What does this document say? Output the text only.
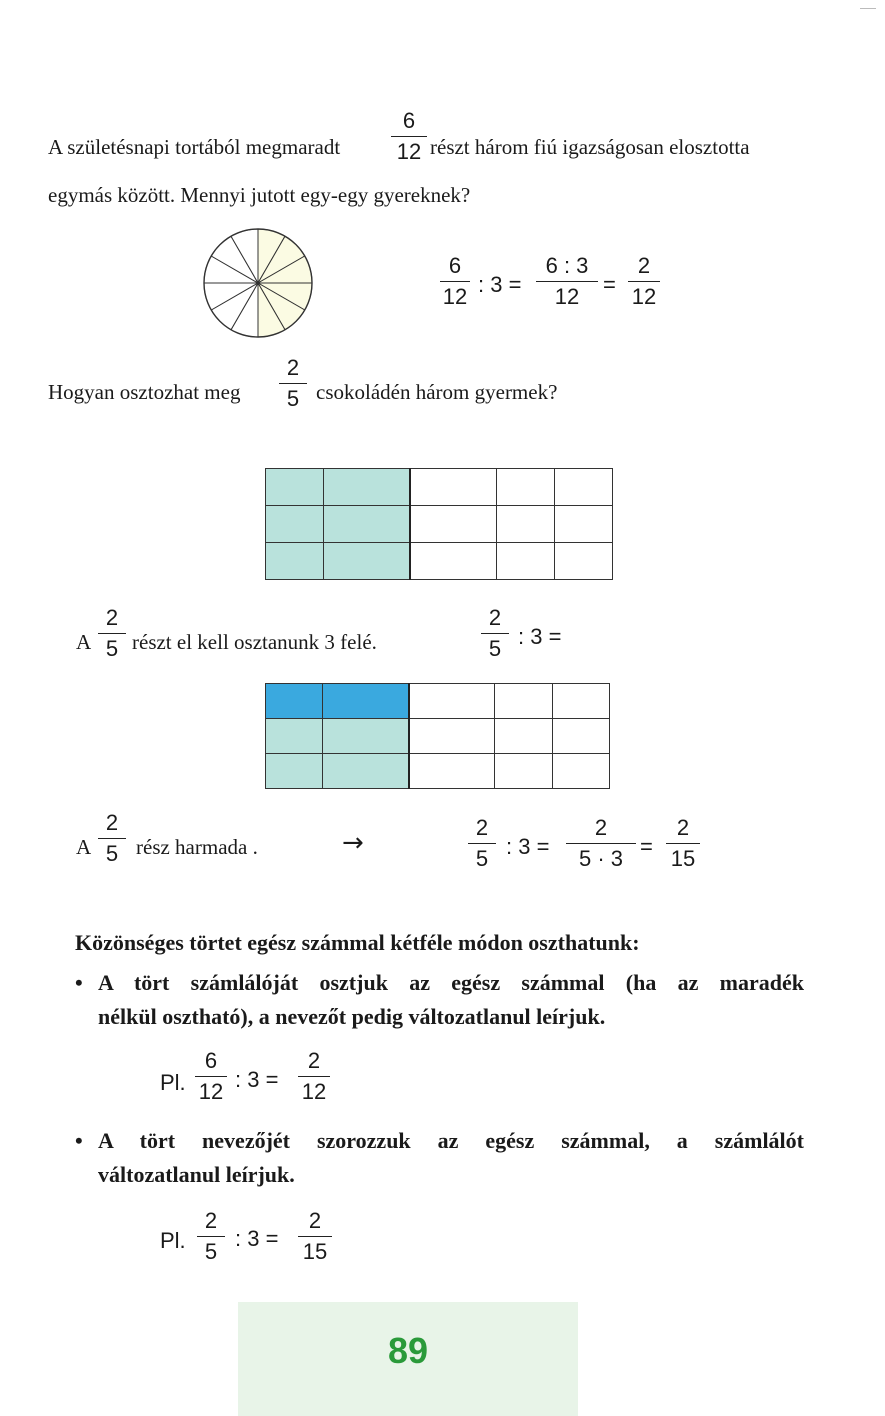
A születésnapi tortából megmaradt
6
12 részt három fiú igazságosan elosztotta
egymás között. Mennyi jutott egy-egy gyereknek?
6
12 : 3 =
6 : 3
12	=
2
12
Hogyan osztozhat meg
2
5 csokoládén három gyermek?

A
2
5 részt el kell osztanunk 3 felé.
2
5 : 3 =

A
2
5 rész harmada .	→
2
5 : 3 =
2
5 · 3 =
2
15
Közönséges törtet egész számmal kétféle módon oszthatunk:
• A tört számlálóját osztjuk az egész számmal (ha az maradék
nélkül osztható), a nevezőt pedig változatlanul leírjuk.
Pl.
6
12 : 3 =
2
12
• A tört nevezőjét szorozzuk az egész számmal, a számlálót
változatlanul leírjuk.
Pl.
2
5
: 3 =
2
15
89
